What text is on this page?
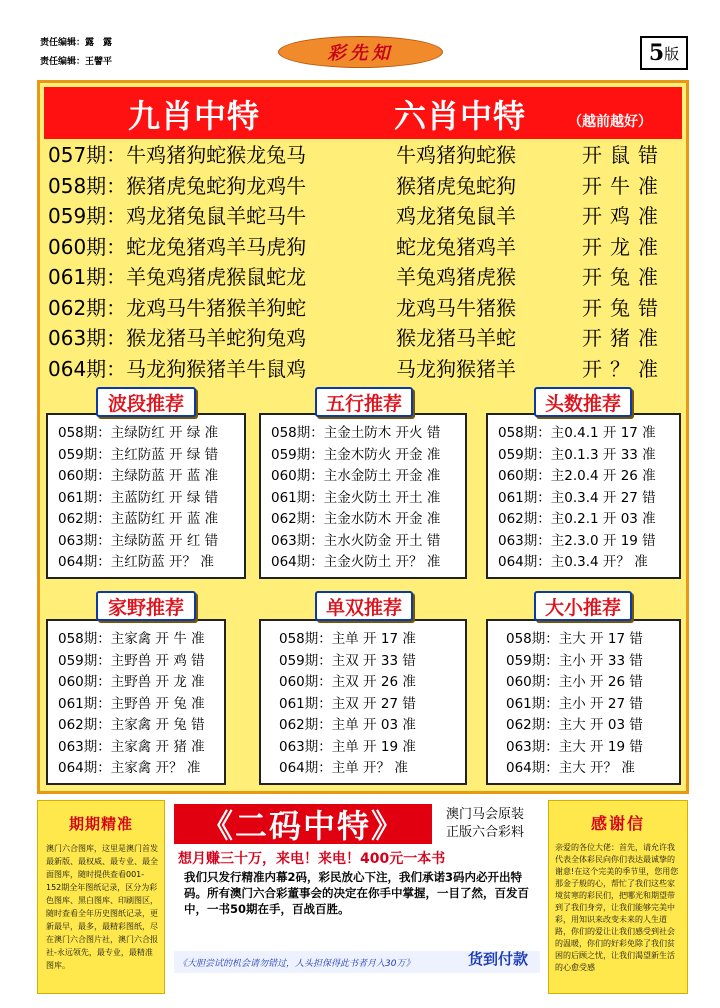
责任编辑：露　露
责任编辑：王譬平	彩先知	5 版
九肖中特	六肖中特	（越前越好）
057期：牛鸡猪狗蛇猴龙兔马	牛鸡猪狗蛇猴	开鼠错
058期：猴猪虎兔蛇狗龙鸡牛	猴猪虎兔蛇狗	开牛准
059期：鸡龙猪兔鼠羊蛇马牛	鸡龙猪兔鼠羊	开鸡准
060期：蛇龙兔猪鸡羊马虎狗	蛇龙兔猪鸡羊	开龙准
061期：羊兔鸡猪虎猴鼠蛇龙	羊兔鸡猪虎猴	开兔准
062期：龙鸡马牛猪猴羊狗蛇	龙鸡马牛猪猴	开兔错
063期：猴龙猪马羊蛇狗兔鸡	猴龙猪马羊蛇	开猪准
064期：马龙狗猴猪羊牛鼠鸡	马龙狗猴猪羊	开？准
058期：主绿防红 开 绿 准
059期：主红防蓝 开 绿 错
060期：主绿防蓝 开 蓝 准
061期：主蓝防红 开 绿 错
062期：主蓝防红 开 蓝 准
063期：主绿防蓝 开 红 错
064期：主红防蓝 开？ 准
波段推荐
058期：主金土防木 开火 错
059期：主金木防火 开金 准
060期：主水金防土 开金 准
061期：主金火防土 开土 准
062期：主金水防木 开金 准
063期：主水火防金 开土 错
064期：主金火防土 开？ 准
五行推荐
058期：主0.4.1 开 17 准
059期：主0.1.3 开 33 准
060期：主2.0.4 开 26 准
061期：主0.3.4 开 27 错
062期：主0.2.1 开 03 准
063期：主2.3.0 开 19 错
064期：主0.3.4 开？ 准
头数推荐
058期：主家禽 开 牛 准
059期：主野兽 开 鸡 错
060期：主野兽 开 龙 准
061期：主野兽 开 兔 准
062期：主家禽 开 兔 错
063期：主家禽 开 猪 准
064期：主家禽 开？ 准
家野推荐
058期：主单 开 17 准
059期：主双 开 33 错
060期：主双 开 26 准
061期：主双 开 27 错
062期：主单 开 03 准
063期：主单 开 19 准
064期：主单 开？ 准
单双推荐
058期：主大 开 17 错
059期：主小 开 33 错
060期：主小 开 26 错
061期：主小 开 27 错
062期：主大 开 03 错
063期：主大 开 19 错
064期：主大 开？ 准
大小推荐
期期精准
澳门六合图库，这里是澳门首发最新版、最权威、最专业、最全面图库，随时提供查看001-152期全年图纸记录，区分为彩色图库、黑白图库、印刷图区，随时查看全年历史图纸记录，更新最早，最多，最精彩图纸，尽在澳门六合图片社，澳门六合报社-永远领先，最专业，最精准图库。
《二码中特》	澳门马会原装
正版六合彩料
想月赚三十万，来电！来电！400元一本书
我们只发行精准内幕2码，彩民放心下注，我们承诺3码内必开出特码。所有澳门六合彩董事会的决定在你手中掌握，一目了然，百发百中，一书50期在手，百战百胜。
《大胆尝试的机会请勿错过，人头担保得此书者月入30万》	货到付款
感谢信
亲爱的各位大佬：首先，请允许我代表全体彩民向你们表达最诚挚的谢意!在这个完美的季节里，您用您那金子般的心，帮忙了我们这些家境贫寒的彩民们，把哪光和期望带到了我们身旁，让我们能够完美中彩，用知识来改变未来的人生道路，你们的爱让让我们感受到社会的温暖，你们的好彩免除了我们贫困的后顾之忧，让我们渴望新生活的心愈受感
